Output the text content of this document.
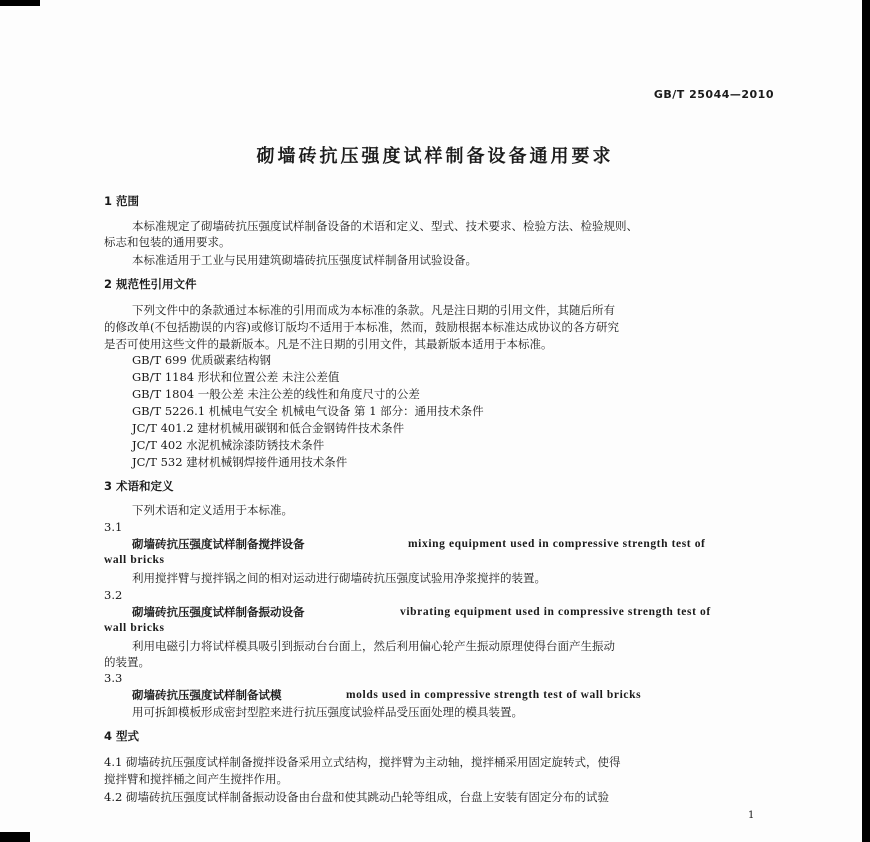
GB/T 25044—2010
砌墙砖抗压强度试样制备设备通用要求
1 范围
本标准规定了砌墙砖抗压强度试样制备设备的术语和定义、型式、技术要求、检验方法、检验规则、
标志和包装的通用要求。
本标准适用于工业与民用建筑砌墙砖抗压强度试样制备用试验设备。
2 规范性引用文件
下列文件中的条款通过本标准的引用而成为本标准的条款。凡是注日期的引用文件，其随后所有
的修改单(不包括勘误的内容)或修订版均不适用于本标准，然而，鼓励根据本标准达成协议的各方研究
是否可使用这些文件的最新版本。凡是不注日期的引用文件，其最新版本适用于本标准。
GB/T 699 优质碳素结构钢
GB/T 1184 形状和位置公差 未注公差值
GB/T 1804 一般公差 未注公差的线性和角度尺寸的公差
GB/T 5226.1 机械电气安全 机械电气设备 第 1 部分：通用技术条件
JC/T 401.2 建材机械用碳钢和低合金钢铸件技术条件
JC/T 402 水泥机械涂漆防锈技术条件
JC/T 532 建材机械钢焊接件通用技术条件
3 术语和定义
下列术语和定义适用于本标准。
3.1
砌墙砖抗压强度试样制备搅拌设备	mixing equipment used in compressive strength test of
wall bricks
利用搅拌臂与搅拌锅之间的相对运动进行砌墙砖抗压强度试验用净浆搅拌的装置。
3.2
砌墙砖抗压强度试样制备振动设备	vibrating equipment used in compressive strength test of
wall bricks
利用电磁引力将试样模具吸引到振动台台面上，然后利用偏心轮产生振动原理使得台面产生振动
的装置。
3.3
砌墙砖抗压强度试样制备试模	molds used in compressive strength test of wall bricks
用可拆卸模板形成密封型腔来进行抗压强度试验样品受压面处理的模具装置。
4 型式
4.1 砌墙砖抗压强度试样制备搅拌设备采用立式结构，搅拌臂为主动轴，搅拌桶采用固定旋转式，使得
搅拌臂和搅拌桶之间产生搅拌作用。
4.2 砌墙砖抗压强度试样制备振动设备由台盘和使其跳动凸轮等组成，台盘上安装有固定分布的试验
1
